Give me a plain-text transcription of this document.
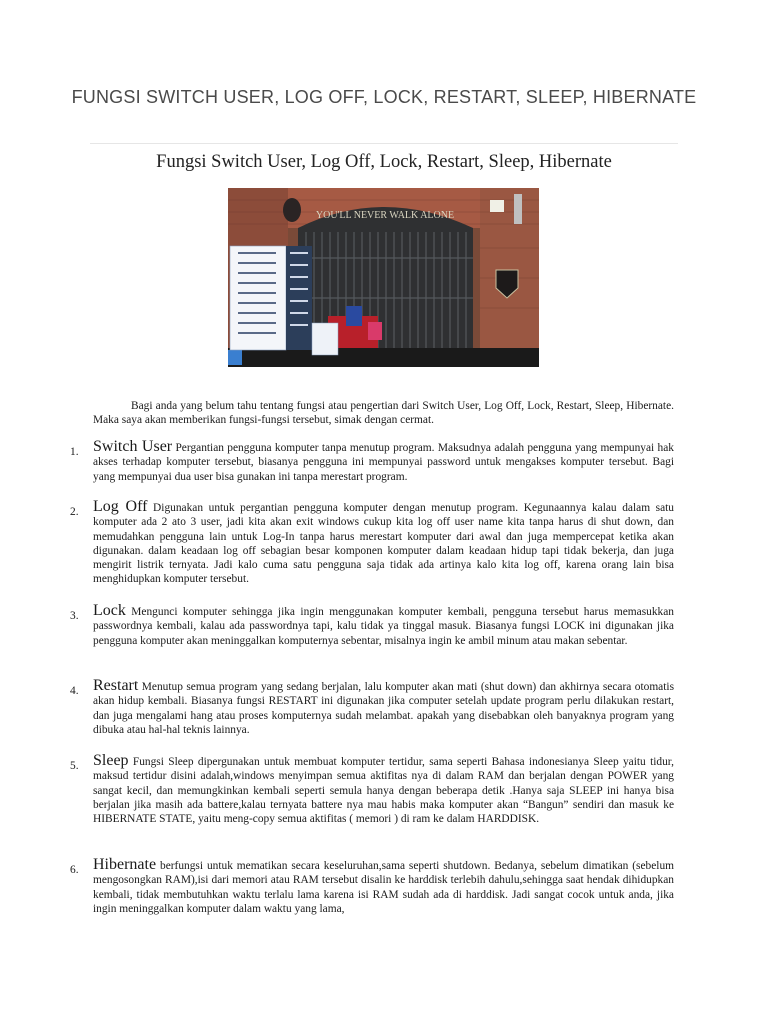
FUNGSI SWITCH USER, LOG OFF, LOCK, RESTART, SLEEP, HIBERNATE
Fungsi Switch User, Log Off, Lock, Restart, Sleep, Hibernate
YOU'LL NEVER WALK ALONE
Bagi anda yang belum tahu tentang fungsi atau pengertian dari Switch User, Log Off, Lock, Restart, Sleep, Hibernate. Maka saya akan memberikan fungsi-fungsi tersebut, simak dengan cermat.
1. Switch User Pergantian pengguna komputer tanpa menutup program. Maksudnya adalah pengguna yang mempunyai hak akses terhadap komputer tersebut, biasanya pengguna ini mempunyai password untuk mengakses komputer tersebut. Bagi yang mempunyai dua user bisa gunakan ini tanpa merestart program.

2. Log Off Digunakan untuk pergantian pengguna komputer dengan menutup program. Kegunaannya kalau dalam satu komputer ada 2 ato 3 user, jadi kita akan exit windows cukup kita log off user name kita tanpa harus di shut down, dan memudahkan pengguna lain untuk Log-In tanpa harus merestart komputer dari awal dan juga mempercepat ketika akan digunakan. dalam keadaan log off sebagian besar komponen komputer dalam keadaan hidup tapi tidak bekerja, dan juga mengirit listrik ternyata. Jadi kalo cuma satu pengguna saja tidak ada artinya kalo kita log off, karena orang lain bisa menghidupkan komputer tersebut.

3. Lock Mengunci komputer sehingga jika ingin menggunakan komputer kembali, pengguna tersebut harus memasukkan passwordnya kembali, kalau ada passwordnya tapi, kalu tidak ya tinggal masuk. Biasanya fungsi LOCK ini digunakan jika pengguna komputer akan meninggalkan komputernya sebentar, misalnya ingin ke ambil minum atau makan sebentar.

4. Restart Menutup semua program yang sedang berjalan, lalu komputer akan mati (shut down) dan akhirnya secara otomatis akan hidup kembali. Biasanya fungsi RESTART ini digunakan jika computer setelah update program perlu dilakukan restart, dan juga mengalami hang atau proses komputernya sudah melambat. apakah yang disebabkan oleh banyaknya program yang dibuka atau hal-hal teknis lainnya.

5. Sleep Fungsi Sleep dipergunakan untuk membuat komputer tertidur, sama seperti Bahasa indonesianya Sleep yaitu tidur, maksud tertidur disini adalah,windows menyimpan semua aktifitas nya di dalam RAM dan berjalan dengan POWER yang sangat kecil, dan memungkinkan kembali seperti semula hanya dengan beberapa detik .Hanya saja SLEEP ini hanya bisa berjalan jika masih ada battere,kalau ternyata battere nya mau habis maka komputer akan “Bangun” sendiri dan masuk ke HIBERNATE STATE, yaitu meng-copy semua aktifitas ( memori ) di ram ke dalam HARDDISK.

6. Hibernate berfungsi untuk mematikan secara keseluruhan,sama seperti shutdown. Bedanya, sebelum dimatikan (sebelum mengosongkan RAM),isi dari memori atau RAM tersebut disalin ke harddisk terlebih dahulu,sehingga saat hendak dihidupkan kembali, tidak membutuhkan waktu terlalu lama karena isi RAM sudah ada di harddisk. Jadi sangat cocok untuk anda, jika ingin meninggalkan komputer dalam waktu yang lama,
